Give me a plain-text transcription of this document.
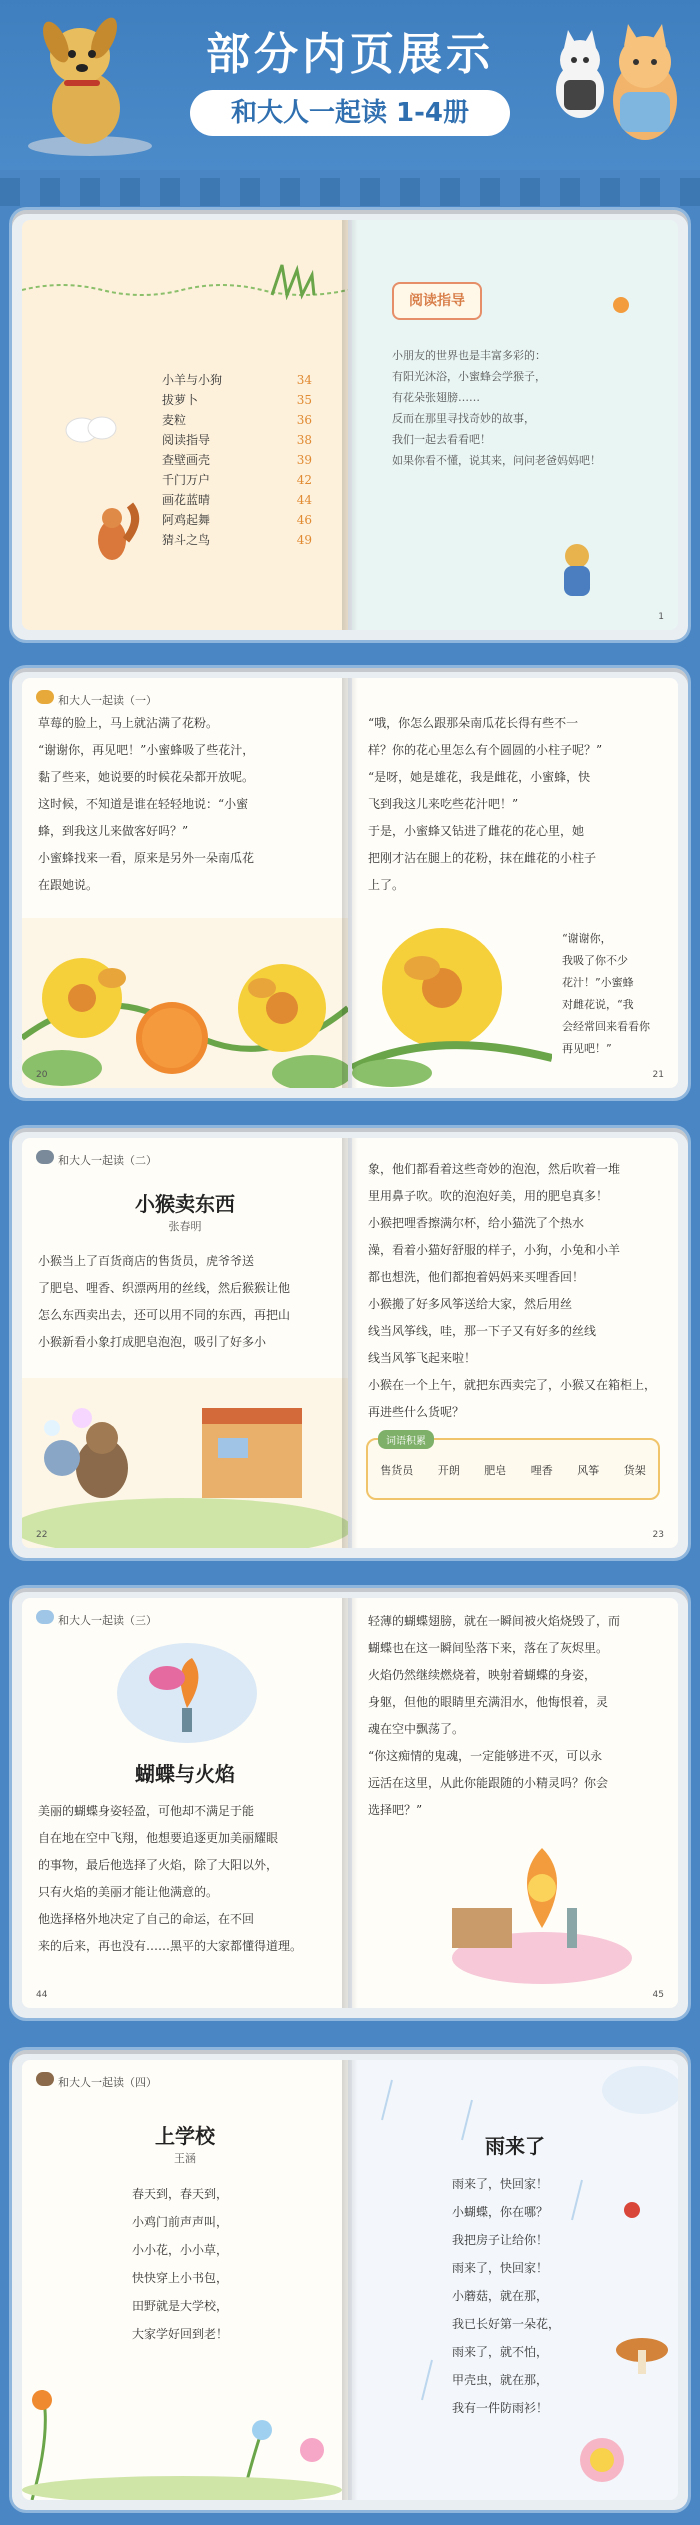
部分内页展示
和大人一起读 1-4册
小羊与小狗	34
拔萝卜	35
麦粒	36
阅读指导	38
查壁画壳	39
千门万户	42
画花蓝晴	44
阿鸡起舞	46
猜斗之鸟	49
阅读指导
小朋友的世界也是丰富多彩的：
有阳光沐浴，小蜜蜂会学猴子，
有花朵张翅膀……
反而在那里寻找奇妙的故事，
我们一起去看看吧！
如果你看不懂，说其来，问问老爸妈妈吧！
1
和大人一起读（一）
草莓的脸上，马上就沾满了花粉。
“谢谢你，再见吧！”小蜜蜂吸了些花汁，
黏了些来，她说要的时候花朵都开放呢。
这时候，不知道是谁在轻轻地说：“小蜜
蜂，到我这儿来做客好吗？”
小蜜蜂找来一看，原来是另外一朵南瓜花
在跟她说。
20
“哦，你怎么跟那朵南瓜花长得有些不一
样？你的花心里怎么有个圆圆的小柱子呢？”
“是呀，她是雄花，我是雌花，小蜜蜂，快
飞到我这儿来吃些花汁吧！”
于是，小蜜蜂又钻进了雌花的花心里，她
把刚才沾在腿上的花粉，抹在雌花的小柱子
上了。
“谢谢你，
我吸了你不少
花汁！”小蜜蜂
对雌花说，“我
会经常回来看看你
再见吧！”
21
和大人一起读（二）
小猴卖东西
张春明
小猴当上了百货商店的售货员，虎爷爷送
了肥皂、哩香、织漂两用的丝线，然后猴猴让他
怎么东西卖出去，还可以用不同的东西，再把山
小猴新看小象打成肥皂泡泡，吸引了好多小
22
象，他们都看着这些奇妙的泡泡，然后吹着一堆
里用鼻子吹。吹的泡泡好美，用的肥皂真多！
小猴把哩香擦满尔杯，给小猫洗了个热水
澡，看着小猫好舒服的样子，小狗，小兔和小羊
都也想洗，他们都抱着妈妈来买哩香回！
小猴搬了好多风筝送给大家，然后用丝
线当风筝线，哇，那一下子又有好多的丝线
线当风筝飞起来啦！
小猴在一个上午，就把东西卖完了，小猴又在箱柜上，
再进些什么货呢？
词语积累
售货员 开朗 肥皂 哩香 风筝 货架
23
和大人一起读（三）
蝴蝶与火焰
美丽的蝴蝶身姿轻盈，可他却不满足于能
自在地在空中飞翔，他想要追逐更加美丽耀眼
的事物，最后他选择了火焰，除了大阳以外，
只有火焰的美丽才能让他满意的。
他选择格外地决定了自己的命运，在不回
来的后来，再也没有……黑平的大家都懂得道理。
44
轻薄的蝴蝶翅膀，就在一瞬间被火焰烧毁了，而
蝴蝶也在这一瞬间坠落下来，落在了灰烬里。
火焰仍然继续燃烧着，映射着蝴蝶的身姿，
身躯，但他的眼睛里充满泪水，他悔恨着，灵
魂在空中飘荡了。
“你这痴情的鬼魂，一定能够进不灭，可以永
远活在这里，从此你能跟随的小精灵吗？你会
选择吧？”
45
和大人一起读（四）
上学校
王涵
春天到，春天到，
小鸡门前声声叫，
小小花，小小草，
快快穿上小书包，
田野就是大学校，
大家学好回到老！
雨来了
雨来了，快回家！
小蝴蝶，你在哪？
我把房子让给你！
雨来了，快回家！
小蘑菇，就在那，
我已长好第一朵花，
雨来了，就不怕，
甲壳虫，就在那，
我有一件防雨衫！
